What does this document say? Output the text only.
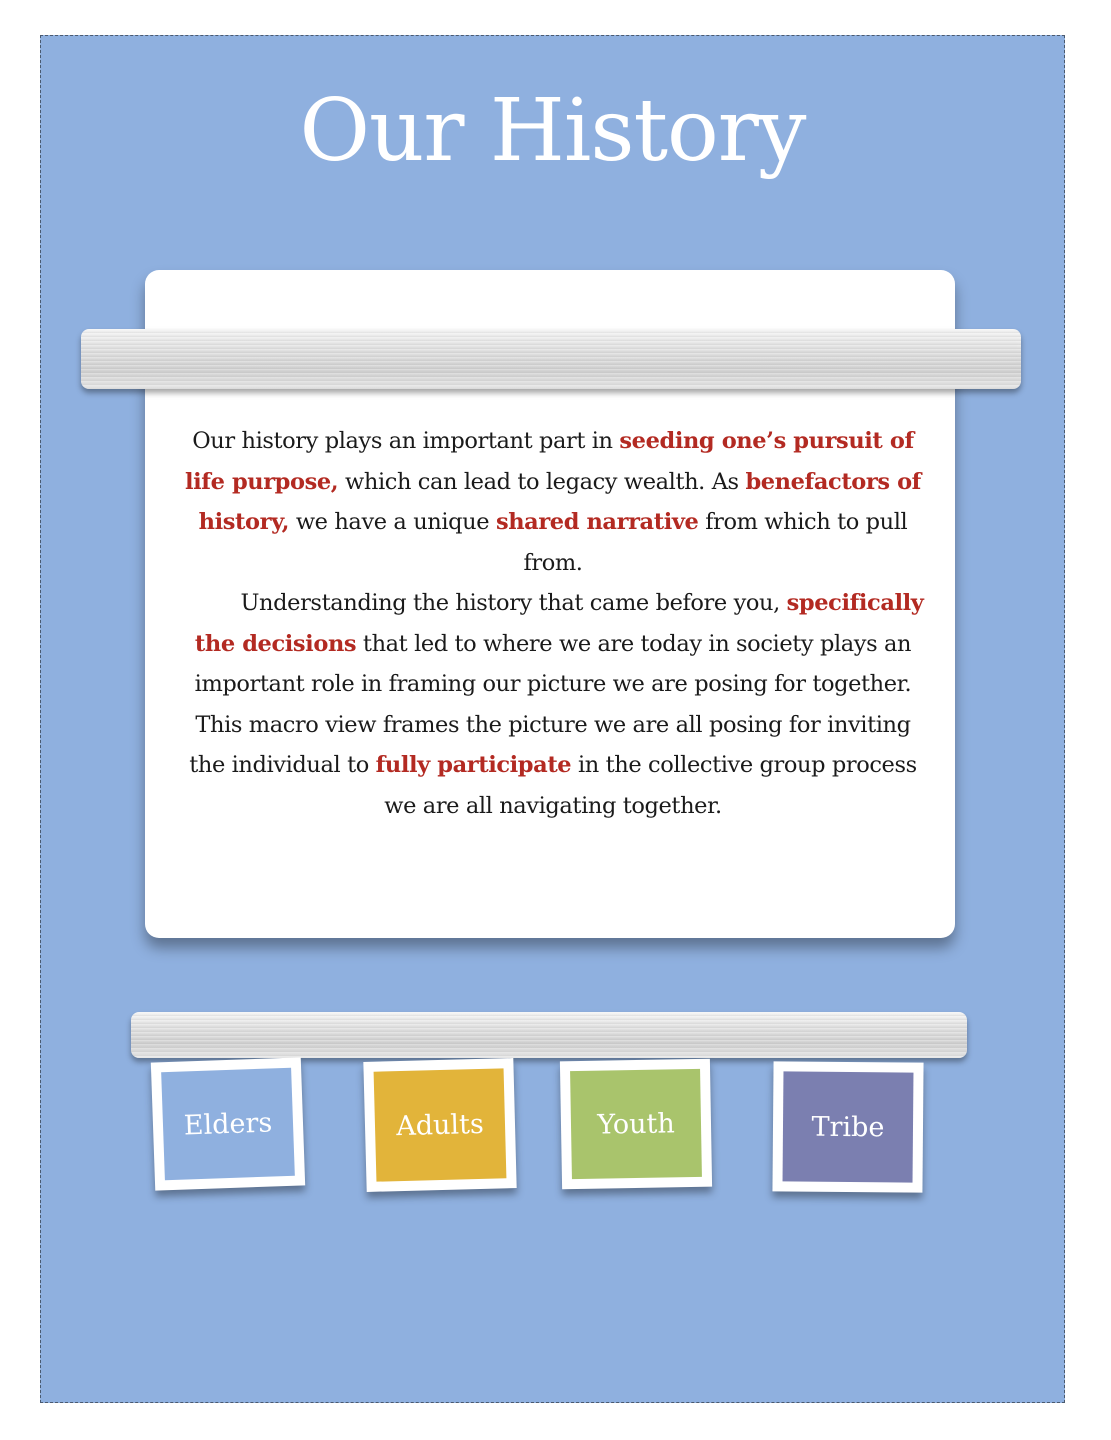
Our History
Our history plays an important part in seeding one’s pursuit of life purpose, which can lead to legacy wealth. As benefactors of history, we have a unique shared narrative from which to pull from.
Understanding the history that came before you, specifically the decisions that led to where we are today in society plays an important role in framing our picture we are posing for together. This macro view frames the picture we are all posing for inviting the individual to fully participate in the collective group process we are all navigating together.
Elders	Adults	Youth	Tribe
